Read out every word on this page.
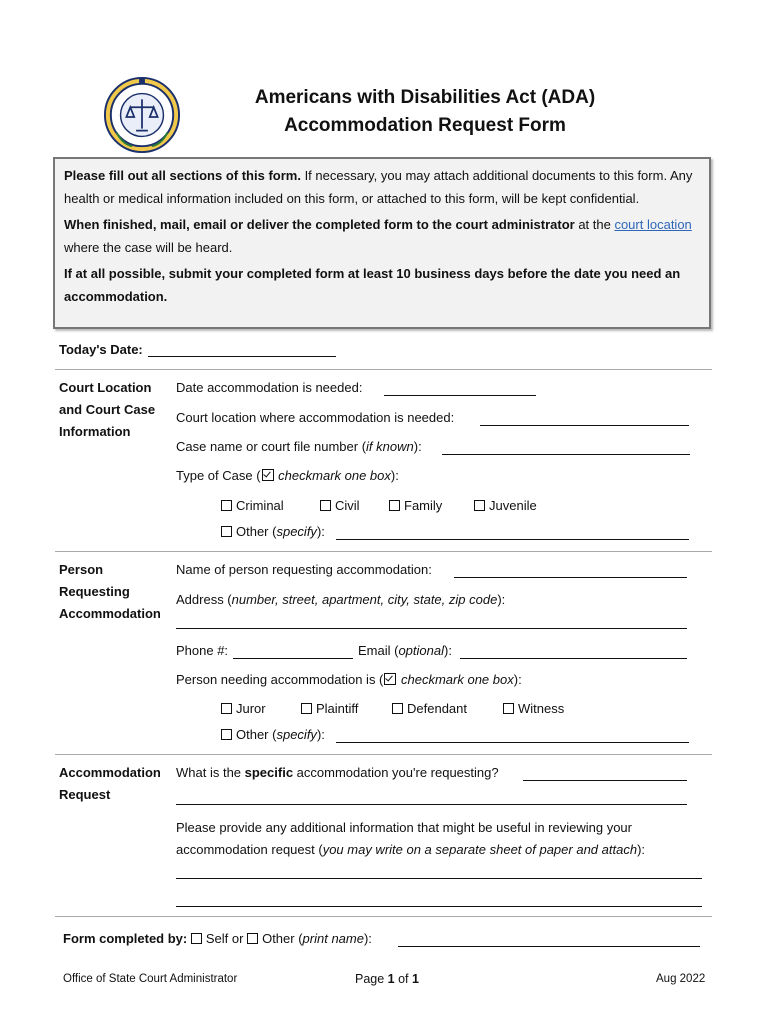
Americans with Disabilities Act (ADA)
Accommodation Request Form

Please fill out all sections of this form. If necessary, you may attach additional documents to this form. Any health or medical information included on this form, or attached to this form, will be kept confidential.

When finished, mail, email or deliver the completed form to the court administrator at the court location where the case will be heard.

If at all possible, submit your completed form at least 10 business days before the date you need an accommodation.

Today's Date:
Court Location
and Court Case
Information
Date accommodation is needed:
Court location where accommodation is needed:
Case name or court file number (if known):
Type of Case ( checkmark one box):
Criminal	Civil	Family	Juvenile
Other (specify):
Person
Requesting
Accommodation
Name of person requesting accommodation:
Address (number, street, apartment, city, state, zip code):
Phone #:	Email (optional):
Person needing accommodation is ( checkmark one box):
Juror	Plaintiff	Defendant	Witness
Other (specify):
Accommodation
Request
What is the specific accommodation you're requesting?
Please provide any additional information that might be useful in reviewing your
accommodation request (you may write on a separate sheet of paper and attach):
Form completed by: Self or Other (print name):
Office of State Court Administrator	Page 1 of 1	Aug 2022
